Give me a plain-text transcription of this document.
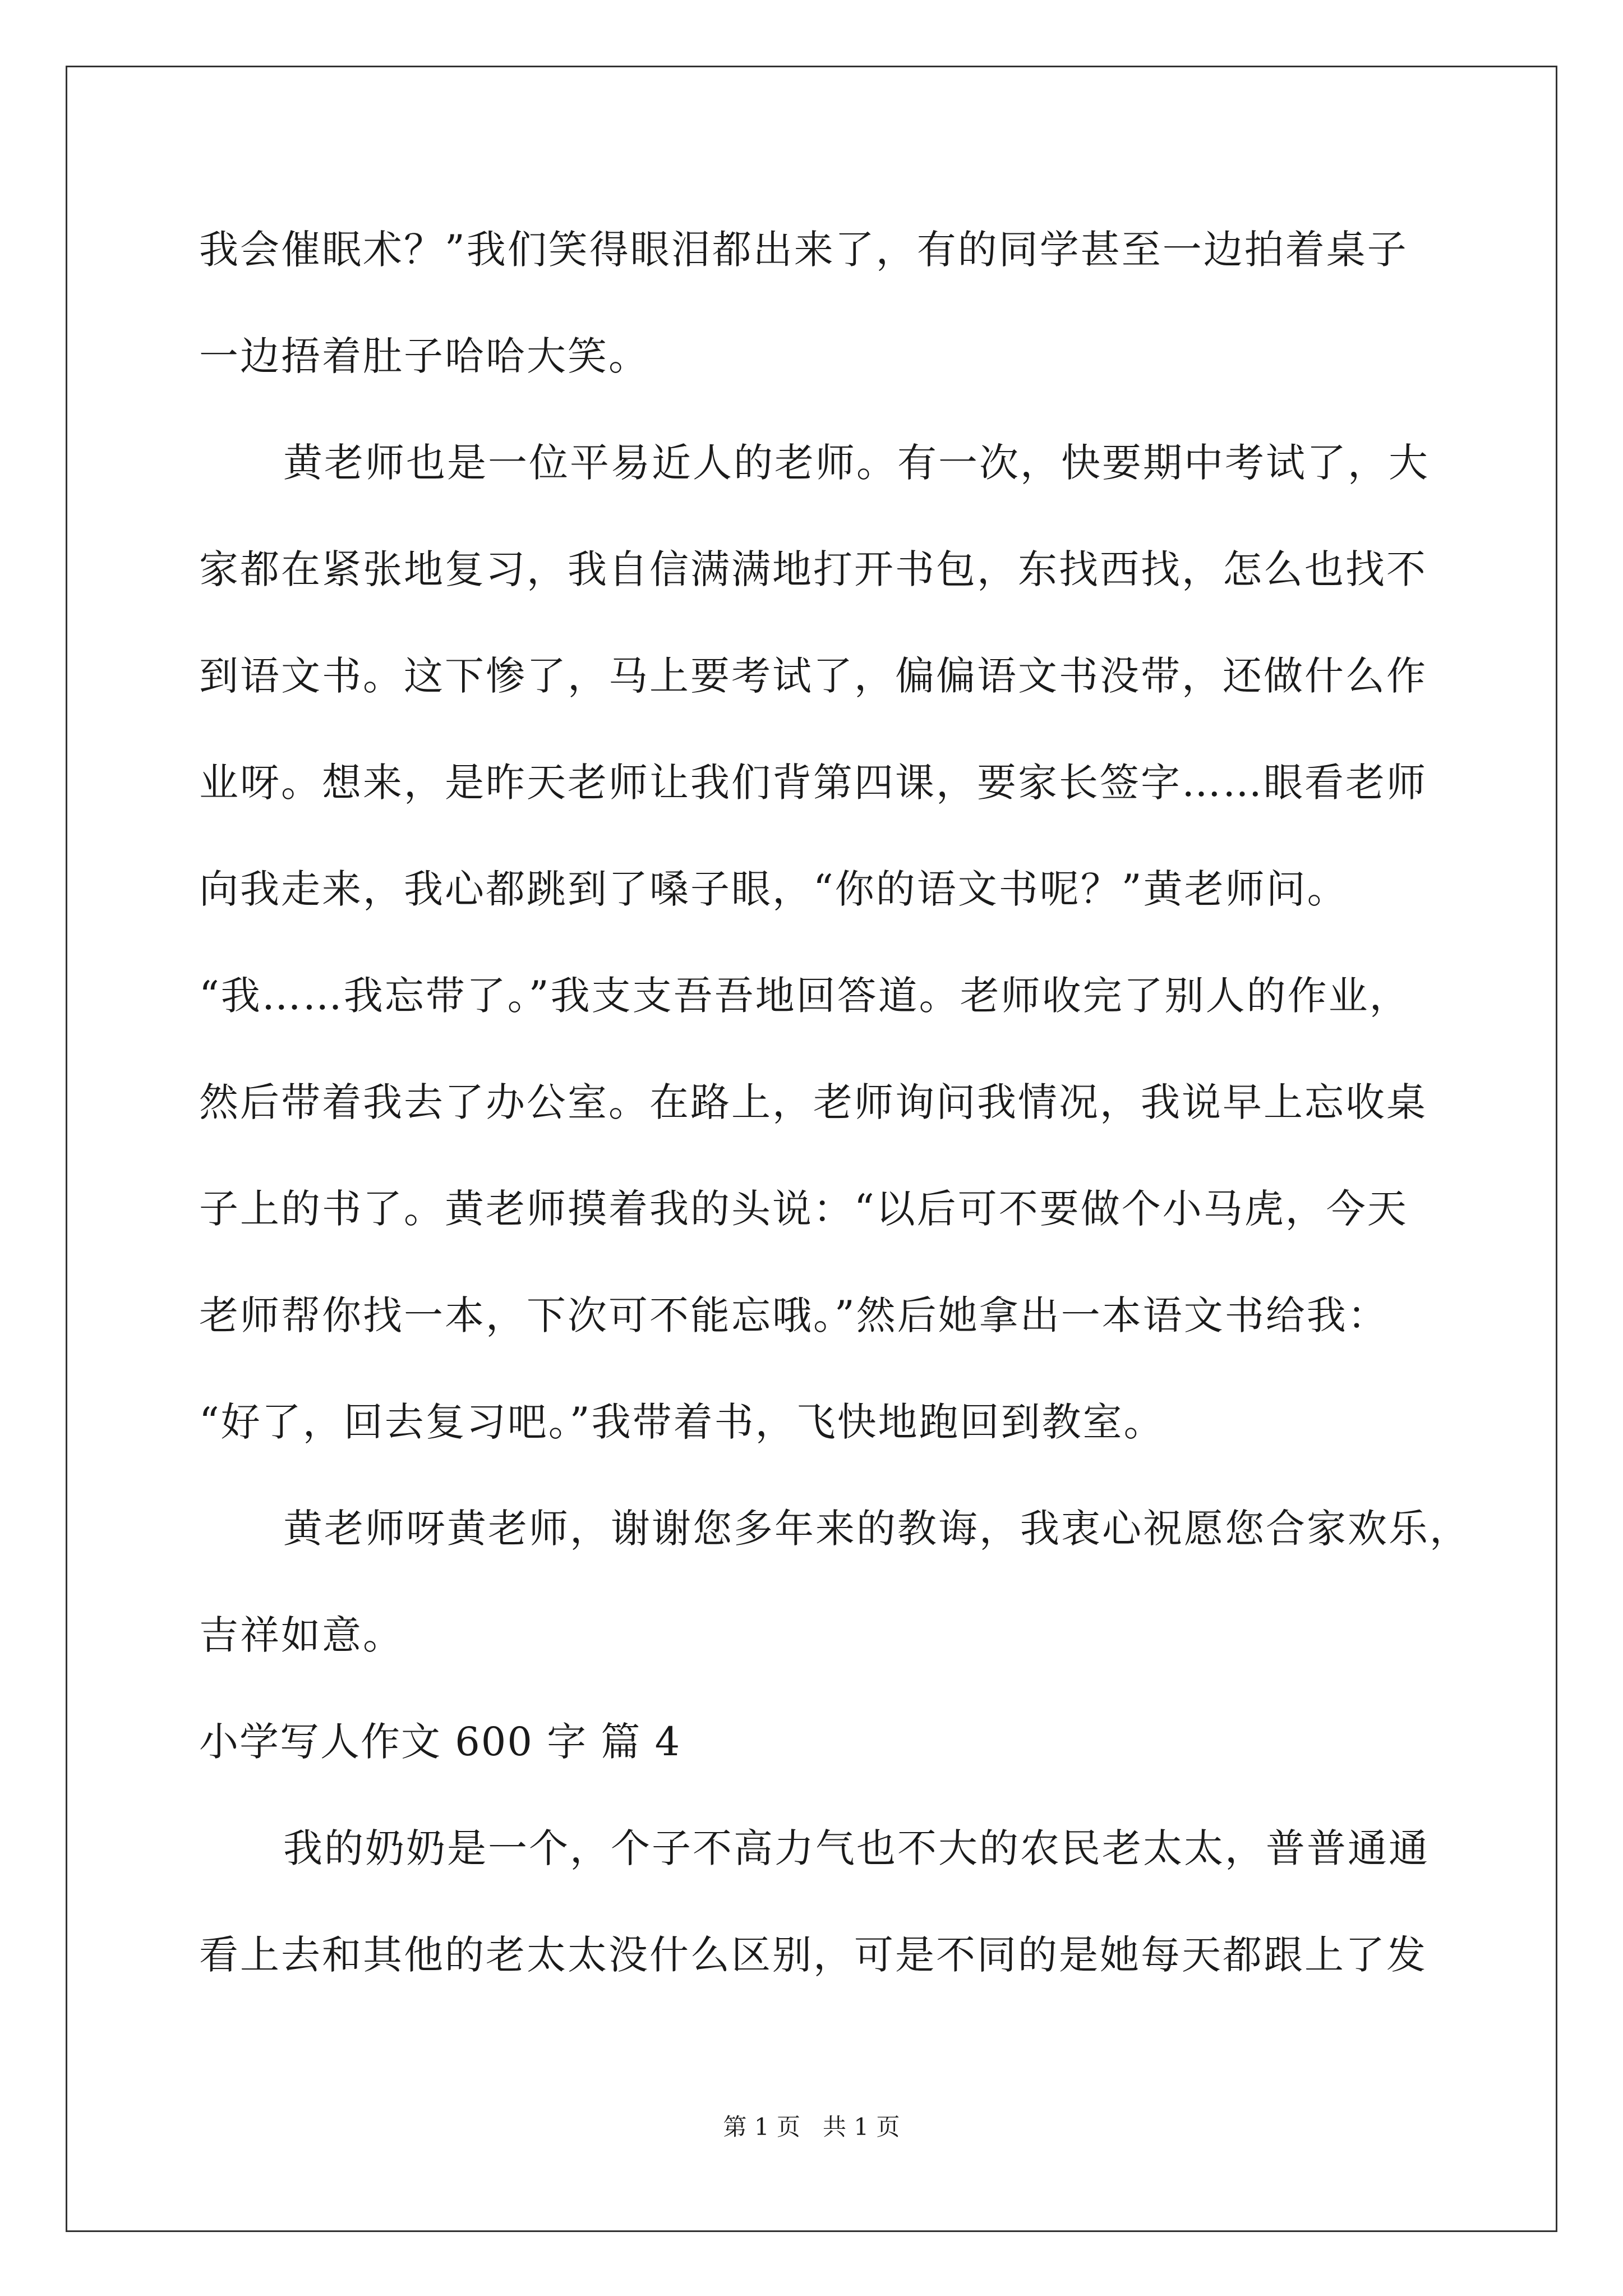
我会催眠术？”我们笑得眼泪都出来了，有的同学甚至一边拍着桌子
一边捂着肚子哈哈大笑。
黄老师也是一位平易近人的老师。有一次，快要期中考试了，大
家都在紧张地复习，我自信满满地打开书包，东找西找，怎么也找不
到语文书。这下惨了，马上要考试了，偏偏语文书没带，还做什么作
业呀。想来，是昨天老师让我们背第四课，要家长签字……眼看老师
向我走来，我心都跳到了嗓子眼，“你的语文书呢？”黄老师问。
“我……我忘带了。”我支支吾吾地回答道。老师收完了别人的作业，
然后带着我去了办公室。在路上，老师询问我情况，我说早上忘收桌
子上的书了。黄老师摸着我的头说：“以后可不要做个小马虎，今天
老师帮你找一本，下次可不能忘哦。”然后她拿出一本语文书给我：
“好了，回去复习吧。”我带着书，飞快地跑回到教室。
黄老师呀黄老师，谢谢您多年来的教诲，我衷心祝愿您合家欢乐，
吉祥如意。
小学写人作文 600 字 篇 4
我的奶奶是一个，个子不高力气也不大的农民老太太，普普通通
看上去和其他的老太太没什么区别，可是不同的是她每天都跟上了发
第 1 页   共 1 页
